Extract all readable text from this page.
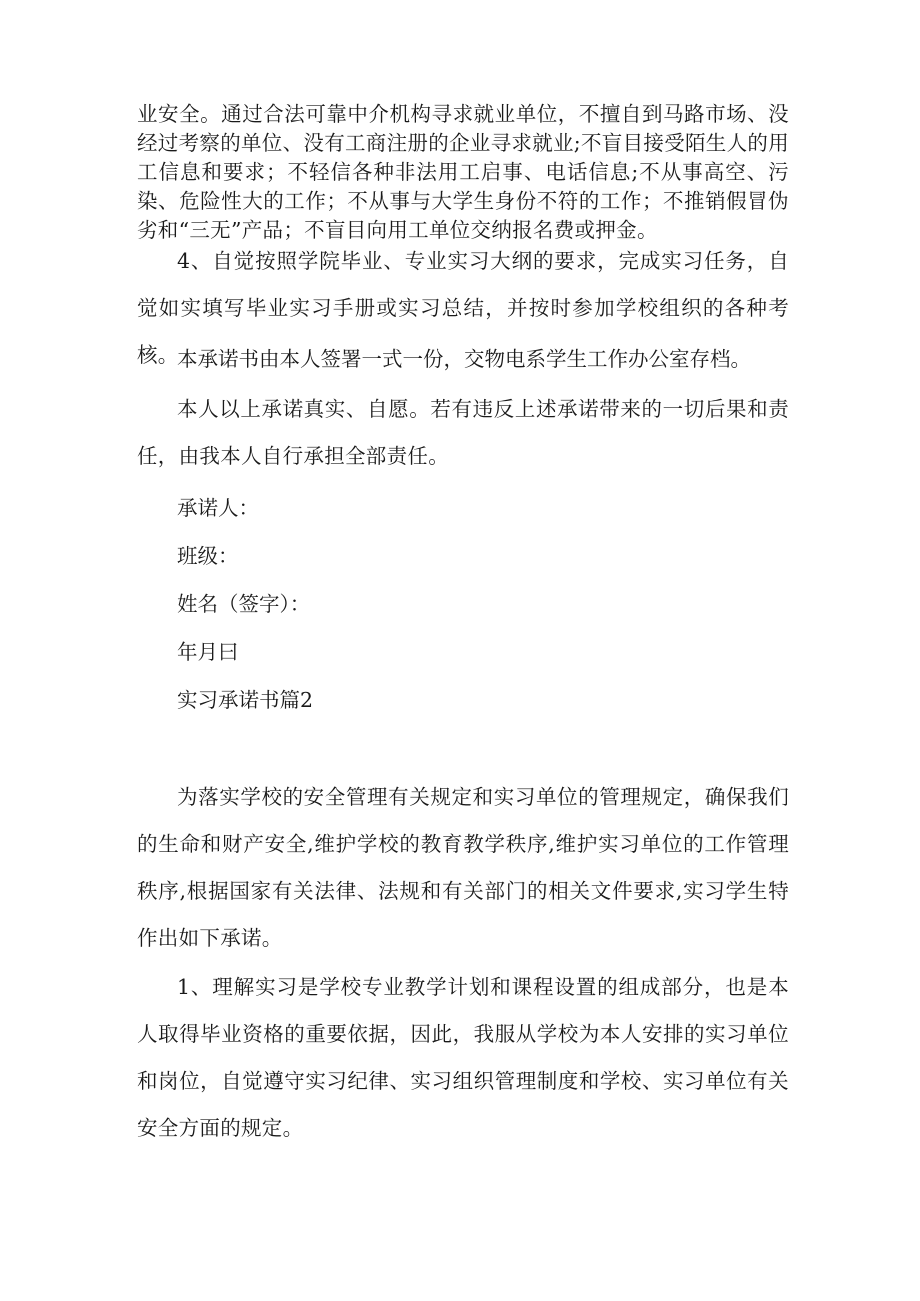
业安全。通过合法可靠中介机构寻求就业单位，不擅自到马路市场、没经过考察的单位、没有工商注册的企业寻求就业;不盲目接受陌生人的用工信息和要求；不轻信各种非法用工启事、电话信息;不从事高空、污染、危险性大的工作；不从事与大学生身份不符的工作；不推销假冒伪劣和“三无”产品；不盲目向用工单位交纳报名费或押金。

4、自觉按照学院毕业、专业实习大纲的要求，完成实习任务，自觉如实填写毕业实习手册或实习总结，并按时参加学校组织的各种考核。

本承诺书由本人签署一式一份，交物电系学生工作办公室存档。

本人以上承诺真实、自愿。若有违反上述承诺带来的一切后果和责任，由我本人自行承担全部责任。

承诺人：

班级：

姓名（签字）：

年月曰

实习承诺书篇2

为落实学校的安全管理有关规定和实习单位的管理规定，确保我们的生命和财产安全,维护学校的教育教学秩序,维护实习单位的工作管理秩序,根据国家有关法律、法规和有关部门的相关文件要求,实习学生特作出如下承诺。

1、理解实习是学校专业教学计划和课程设置的组成部分，也是本人取得毕业资格的重要依据，因此，我服从学校为本人安排的实习单位和岗位，自觉遵守实习纪律、实习组织管理制度和学校、实习单位有关安全方面的规定。
